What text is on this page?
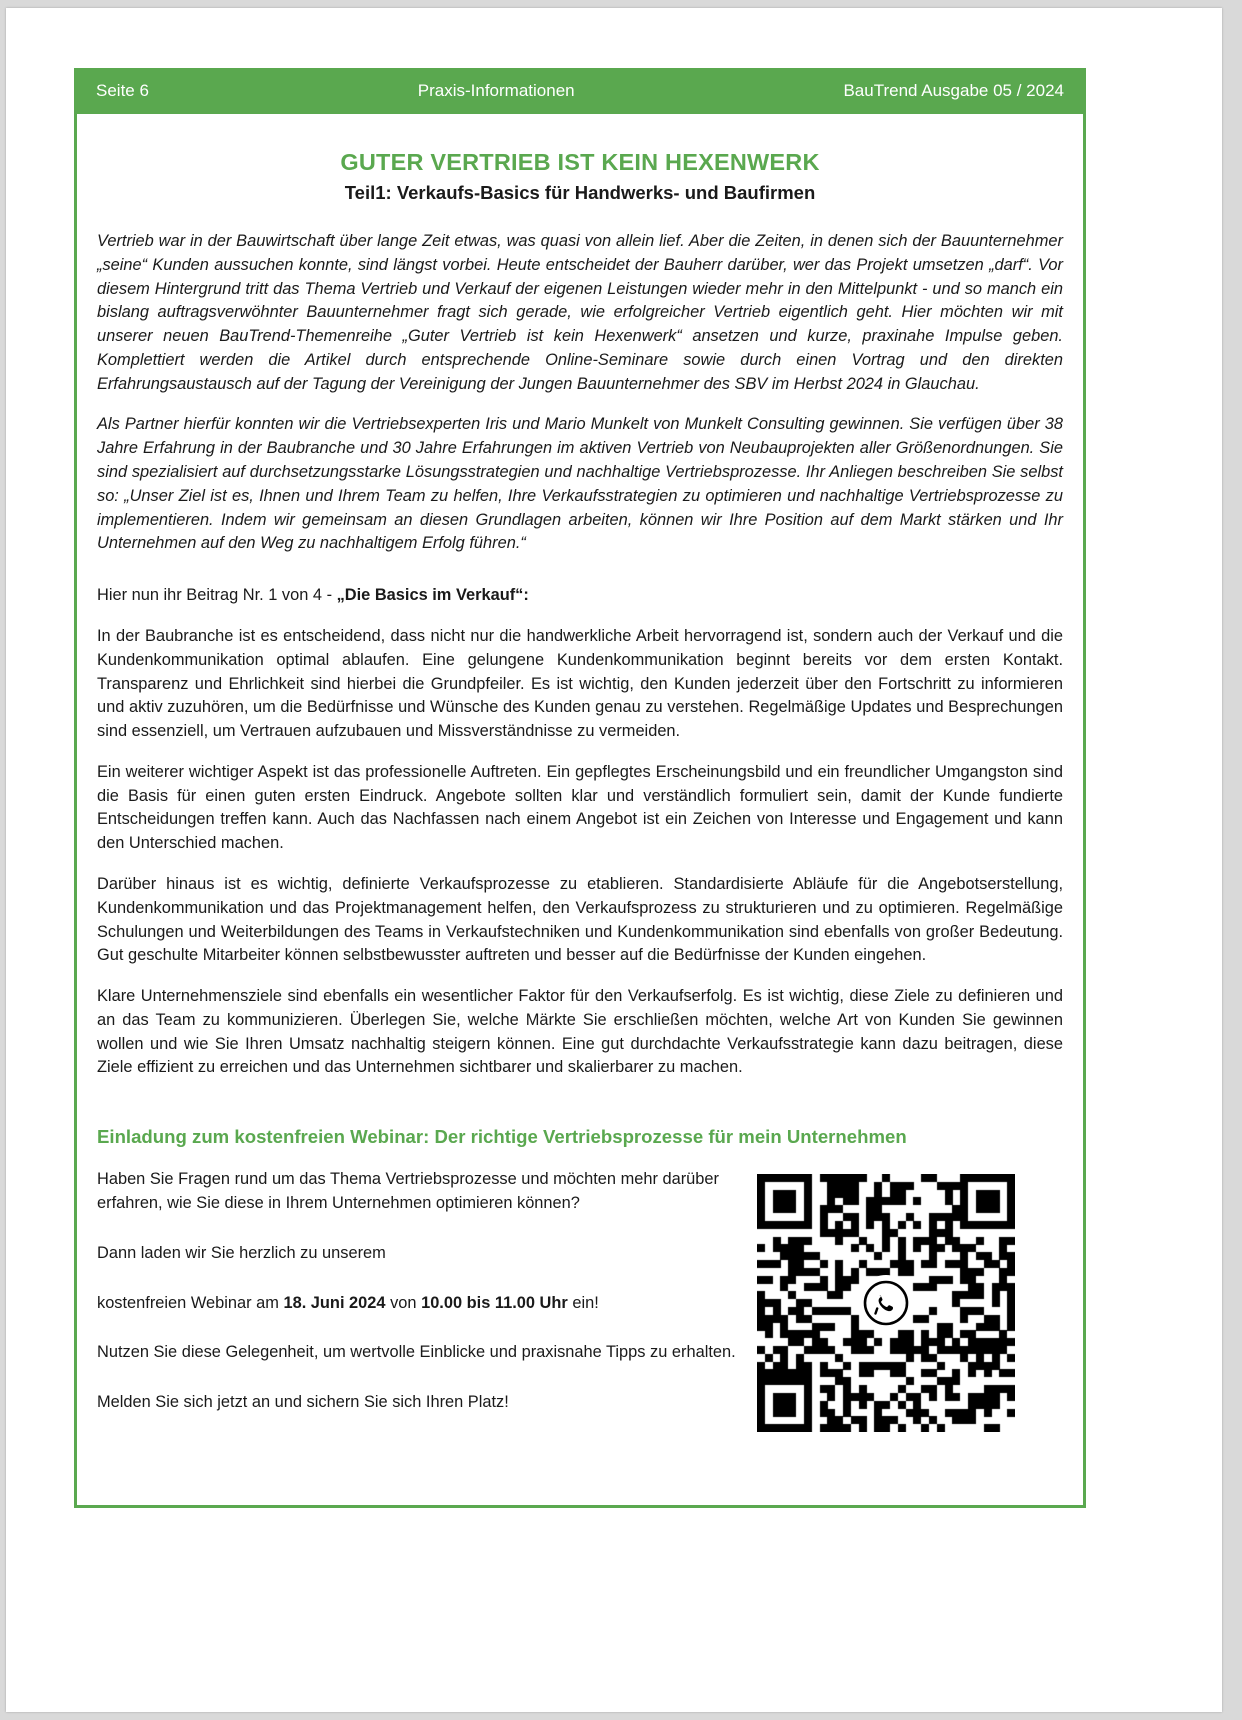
Seite 6	Praxis-Informationen	BauTrend Ausgabe 05 / 2024
GUTER VERTRIEB IST KEIN HEXENWERK
Teil1: Verkaufs-Basics für Handwerks- und Baufirmen

Vertrieb war in der Bauwirtschaft über lange Zeit etwas, was quasi von allein lief. Aber die Zeiten, in denen sich der Bauunternehmer „seine“ Kunden aussuchen konnte, sind längst vorbei. Heute entscheidet der Bauherr darüber, wer das Projekt umsetzen „darf“. Vor diesem Hintergrund tritt das Thema Vertrieb und Verkauf der eigenen Leistungen wieder mehr in den Mittelpunkt - und so manch ein bislang auftragsverwöhnter Bauunternehmer fragt sich gerade, wie erfolgreicher Vertrieb eigentlich geht. Hier möchten wir mit unserer neuen BauTrend-Themenreihe „Guter Vertrieb ist kein Hexenwerk“ ansetzen und kurze, praxinahe Impulse geben. Komplettiert werden die Artikel durch entsprechende Online-Seminare sowie durch einen Vortrag und den direkten Erfahrungsaustausch auf der Tagung der Vereinigung der Jungen Bauunternehmer des SBV im Herbst 2024 in Glauchau.

Als Partner hierfür konnten wir die Vertriebsexperten Iris und Mario Munkelt von Munkelt Consulting gewinnen. Sie verfügen über 38 Jahre Erfahrung in der Baubranche und 30 Jahre Erfahrungen im aktiven Vertrieb von Neubauprojekten aller Größenordnungen. Sie sind spezialisiert auf durchsetzungsstarke Lösungsstrategien und nachhaltige Vertriebsprozesse. Ihr Anliegen beschreiben Sie selbst so: „Unser Ziel ist es, Ihnen und Ihrem Team zu helfen, Ihre Verkaufsstrategien zu optimieren und nachhaltige Vertriebsprozesse zu implementieren. Indem wir gemeinsam an diesen Grundlagen arbeiten, können wir Ihre Position auf dem Markt stärken und Ihr Unternehmen auf den Weg zu nachhaltigem Erfolg führen.“

Hier nun ihr Beitrag Nr. 1 von 4 - „Die Basics im Verkauf“:

In der Baubranche ist es entscheidend, dass nicht nur die handwerkliche Arbeit hervorragend ist, sondern auch der Verkauf und die Kundenkommunikation optimal ablaufen. Eine gelungene Kundenkommunikation beginnt bereits vor dem ersten Kontakt. Transparenz und Ehrlichkeit sind hierbei die Grundpfeiler. Es ist wichtig, den Kunden jederzeit über den Fortschritt zu informieren und aktiv zuzuhören, um die Bedürfnisse und Wünsche des Kunden genau zu verstehen. Regelmäßige Updates und Besprechungen sind essenziell, um Vertrauen aufzubauen und Missverständnisse zu vermeiden.

Ein weiterer wichtiger Aspekt ist das professionelle Auftreten. Ein gepflegtes Erscheinungsbild und ein freundlicher Umgangston sind die Basis für einen guten ersten Eindruck. Angebote sollten klar und verständlich formuliert sein, damit der Kunde fundierte Entscheidungen treffen kann. Auch das Nachfassen nach einem Angebot ist ein Zeichen von Interesse und Engagement und kann den Unterschied machen.

Darüber hinaus ist es wichtig, definierte Verkaufsprozesse zu etablieren. Standardisierte Abläufe für die Angebotserstellung, Kundenkommunikation und das Projektmanagement helfen, den Verkaufsprozess zu strukturieren und zu optimieren. Regelmäßige Schulungen und Weiterbildungen des Teams in Verkaufstechniken und Kundenkommunikation sind ebenfalls von großer Bedeutung. Gut geschulte Mitarbeiter können selbstbewusster auftreten und besser auf die Bedürfnisse der Kunden eingehen.

Klare Unternehmensziele sind ebenfalls ein wesentlicher Faktor für den Verkaufserfolg. Es ist wichtig, diese Ziele zu definieren und an das Team zu kommunizieren. Überlegen Sie, welche Märkte Sie erschließen möchten, welche Art von Kunden Sie gewinnen wollen und wie Sie Ihren Umsatz nachhaltig steigern können. Eine gut durchdachte Verkaufsstrategie kann dazu beitragen, diese Ziele effizient zu erreichen und das Unternehmen sichtbarer und skalierbarer zu machen.

Einladung zum kostenfreien Webinar: Der richtige Vertriebsprozesse für mein Unternehmen

Haben Sie Fragen rund um das Thema Vertriebsprozesse und möchten mehr darüber erfahren, wie Sie diese in Ihrem Unternehmen optimieren können?

Dann laden wir Sie herzlich zu unserem

kostenfreien Webinar am 18. Juni 2024 von 10.00 bis 11.00 Uhr ein!

Nutzen Sie diese Gelegenheit, um wertvolle Einblicke und praxisnahe Tipps zu erhalten.

Melden Sie sich jetzt an und sichern Sie sich Ihren Platz!
